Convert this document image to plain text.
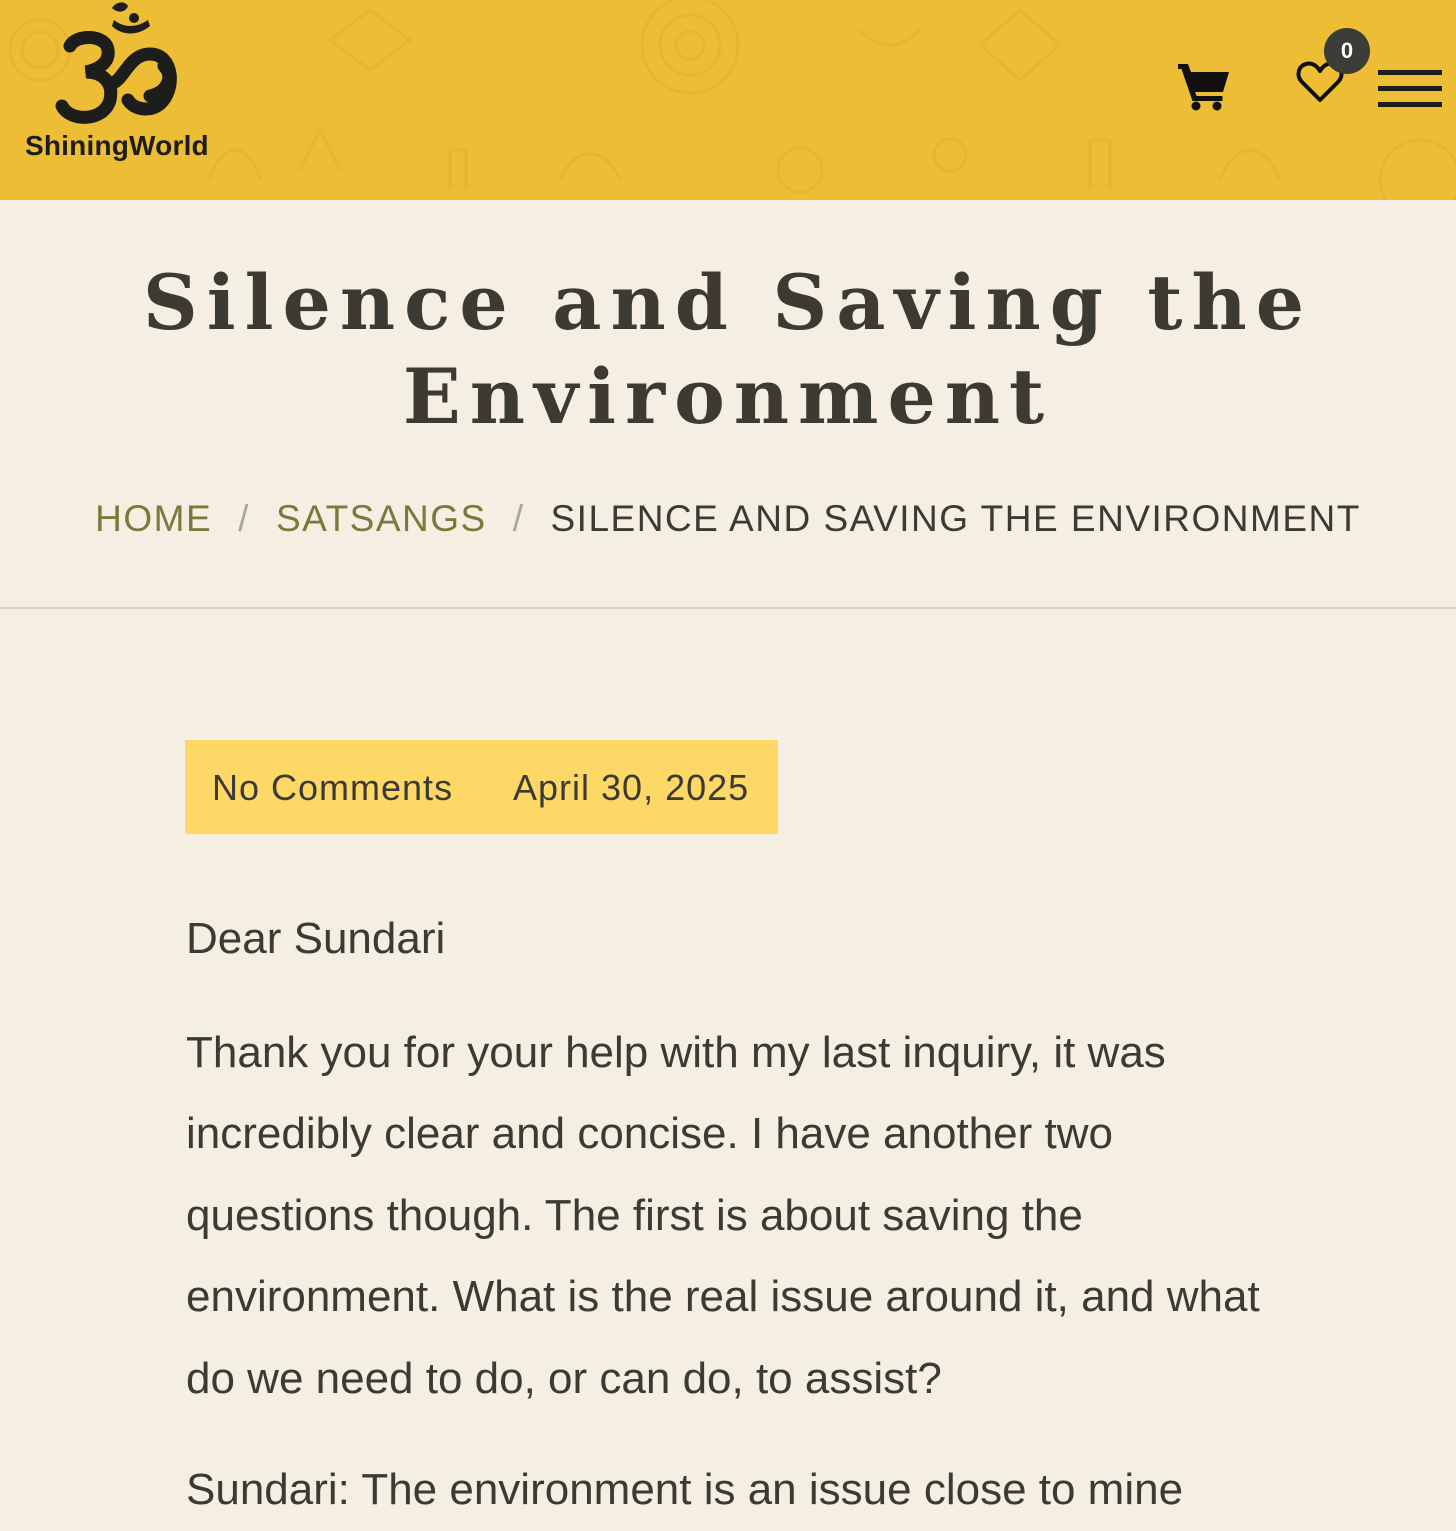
ShiningWorld
0
Silence and Saving the Environment
HOME / SATSANGS / SILENCE AND SAVING THE ENVIRONMENT
No Comments April 30, 2025

Dear Sundari

Thank you for your help with my last inquiry, it was incredibly clear and concise. I have another two questions though. The first is about saving the environment. What is the real issue around it, and what do we need to do, or can do, to assist?

Sundari: The environment is an issue close to mine
